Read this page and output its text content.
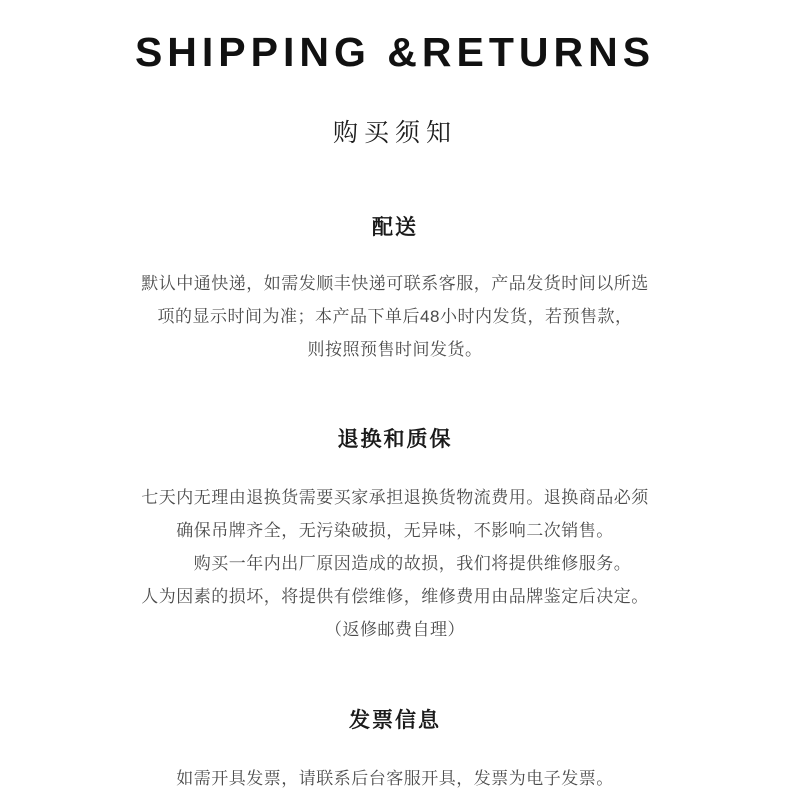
SHIPPING &RETURNS
购买须知
配送
默认中通快递，如需发顺丰快递可联系客服，产品发货时间以所选
项的显示时间为准；本产品下单后48小时内发货，若预售款，
则按照预售时间发货。
退换和质保
七天内无理由退换货需要买家承担退换货物流费用。退换商品必须
确保吊牌齐全，无污染破损，无异味，不影响二次销售。
　　购买一年内出厂原因造成的故损，我们将提供维修服务。
人为因素的损坏，将提供有偿维修，维修费用由品牌鉴定后决定。
（返修邮费自理）
发票信息
如需开具发票，请联系后台客服开具，发票为电子发票。
